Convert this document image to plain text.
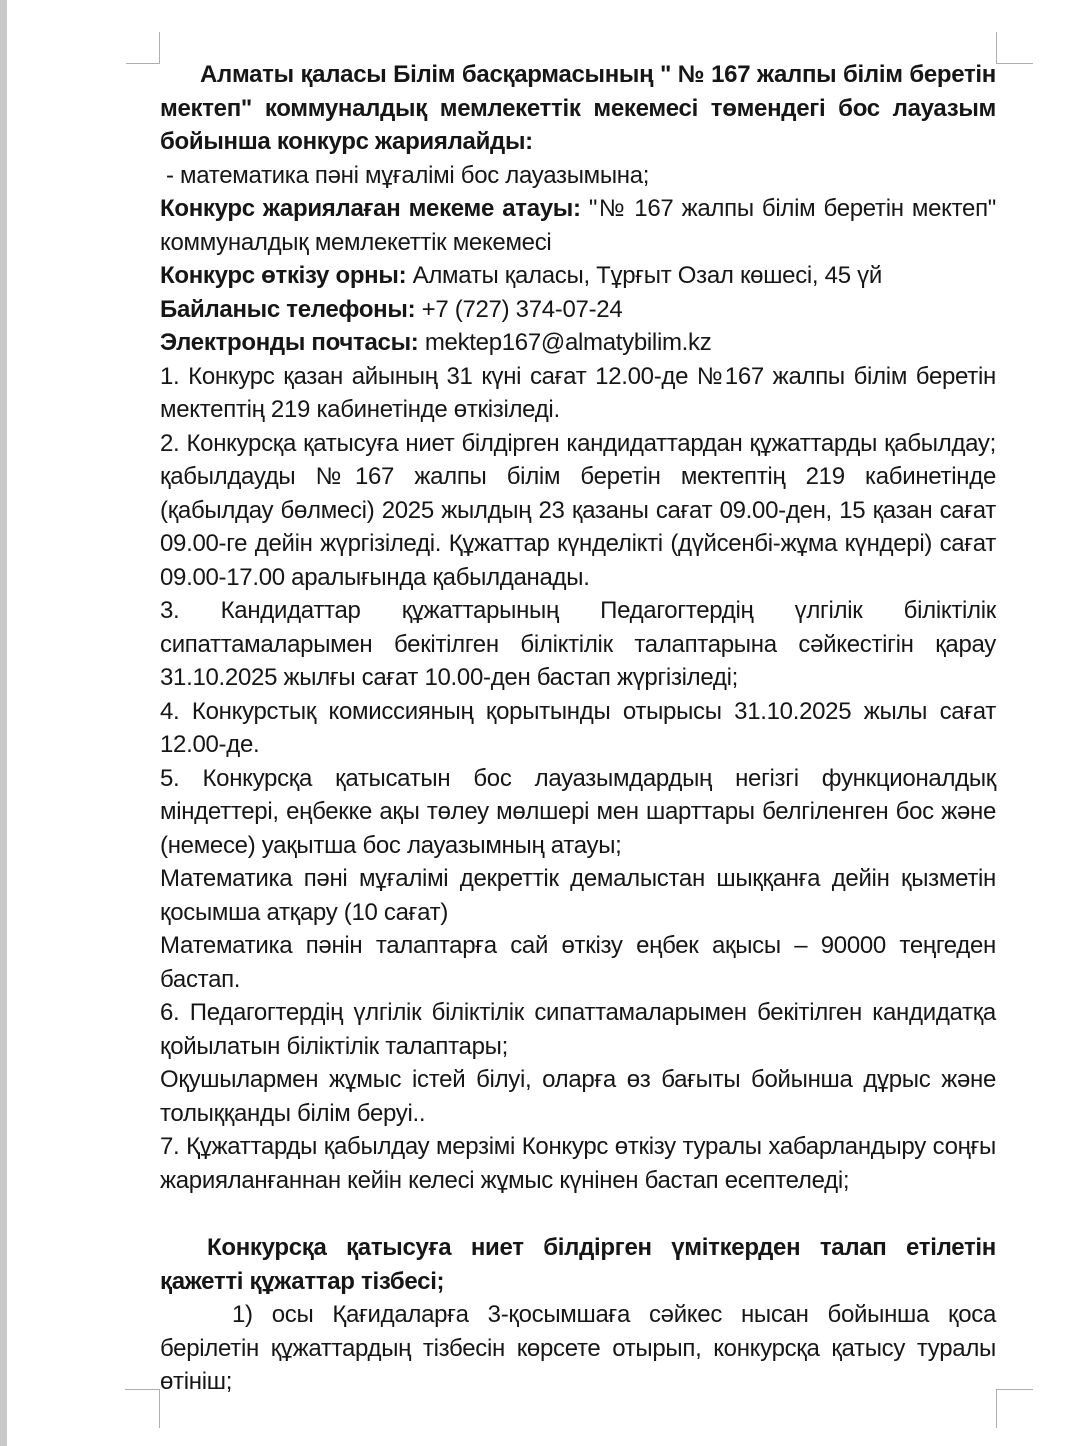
Алматы қаласы Білім басқармасының " № 167 жалпы білім беретін мектеп" коммуналдық мемлекеттік мекемесі төмендегі бос лауазым бойынша конкурс жариялайды:

- математика пәні мұғалімі бос лауазымына;

Конкурс жариялаған мекеме атауы: "№ 167 жалпы білім беретін мектеп" коммуналдық мемлекеттік мекемесі

Конкурс өткізу орны: Алматы қаласы, Тұрғыт Озал көшесі, 45 үй

Байланыс телефоны: +7 (727) 374-07-24

Электронды почтасы: mektep167@almatybilim.kz

1. Конкурс қазан айының 31 күні сағат 12.00-де №167 жалпы білім беретін мектептің 219 кабинетінде өткізіледі.

2. Конкурсқа қатысуға ниет білдірген кандидаттардан құжаттарды қабылдау; қабылдауды №167 жалпы білім беретін мектептің 219 кабинетінде (қабылдау бөлмесі) 2025 жылдың 23 қазаны сағат 09.00-ден, 15 қазан сағат 09.00-ге дейін жүргізіледі. Құжаттар күнделікті (дүйсенбі-жұма күндері) сағат 09.00-17.00 аралығында қабылданады.

3. Кандидаттар құжаттарының Педагогтердің үлгілік біліктілік сипаттамаларымен бекітілген біліктілік талаптарына сәйкестігін қарау 31.10.2025 жылғы сағат 10.00-ден бастап жүргізіледі;

4. Конкурстық комиссияның қорытынды отырысы 31.10.2025 жылы сағат 12.00-де.

5. Конкурсқа қатысатын бос лауазымдардың негізгі функционалдық міндеттері, еңбекке ақы төлеу мөлшері мен шарттары белгіленген бос және (немесе) уақытша бос лауазымның атауы;

Математика пәні мұғалімі декреттік демалыстан шыққанға дейін қызметін қосымша атқару (10 сағат)

Математика пәнін талаптарға сай өткізу еңбек ақысы – 90000 теңгеден бастап.

6. Педагогтердің үлгілік біліктілік сипаттамаларымен бекітілген кандидатқа қойылатын біліктілік талаптары;

Оқушылармен жұмыс істей білуі, оларға өз бағыты бойынша дұрыс және толыққанды білім беруі..

7. Құжаттарды қабылдау мерзімі Конкурс өткізу туралы хабарландыру соңғы жарияланғаннан кейін келесі жұмыс күнінен бастап есептеледі;

Конкурсқа қатысуға ниет білдірген үміткерден талап етілетін қажетті құжаттар тізбесі;

1) осы Қағидаларға 3-қосымшаға сәйкес нысан бойынша қоса берілетін құжаттардың тізбесін көрсете отырып, конкурсқа қатысу туралы өтініш;
